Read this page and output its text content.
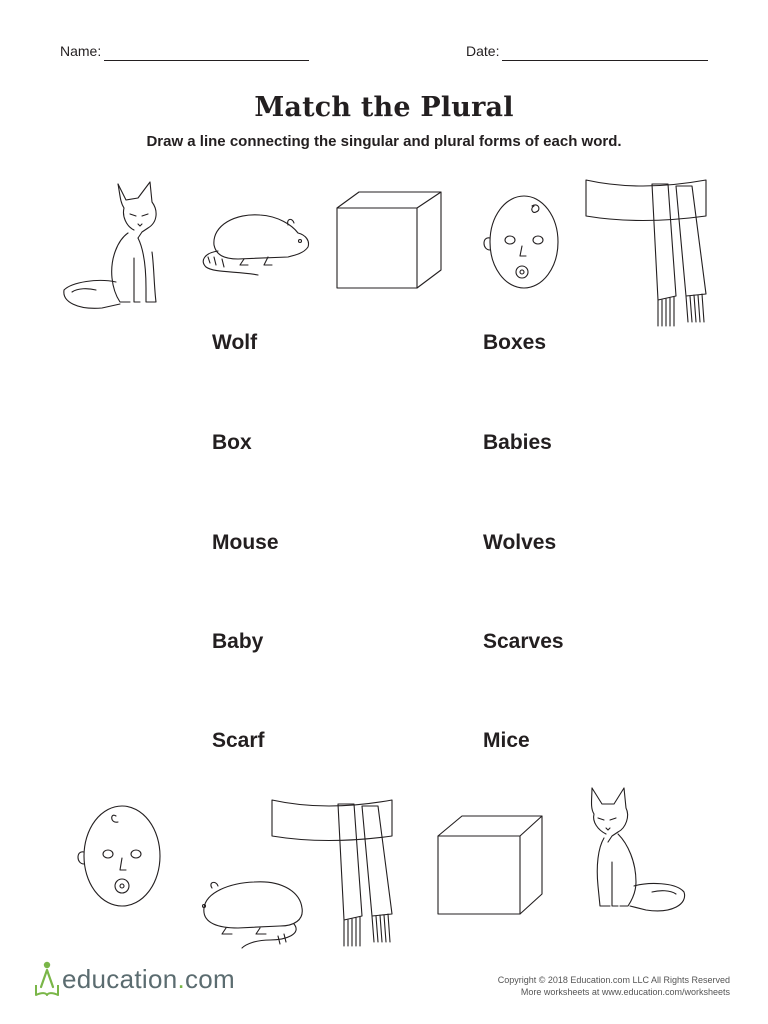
Name:	Date:
Match the Plural
Draw a line connecting the singular and plural forms of each word.
Wolf
Box
Mouse
Baby
Scarf
Boxes
Babies
Wolves
Scarves
Mice
education.com	Copyright © 2018 Education.com LLC All Rights Reserved
More worksheets at www.education.com/worksheets
